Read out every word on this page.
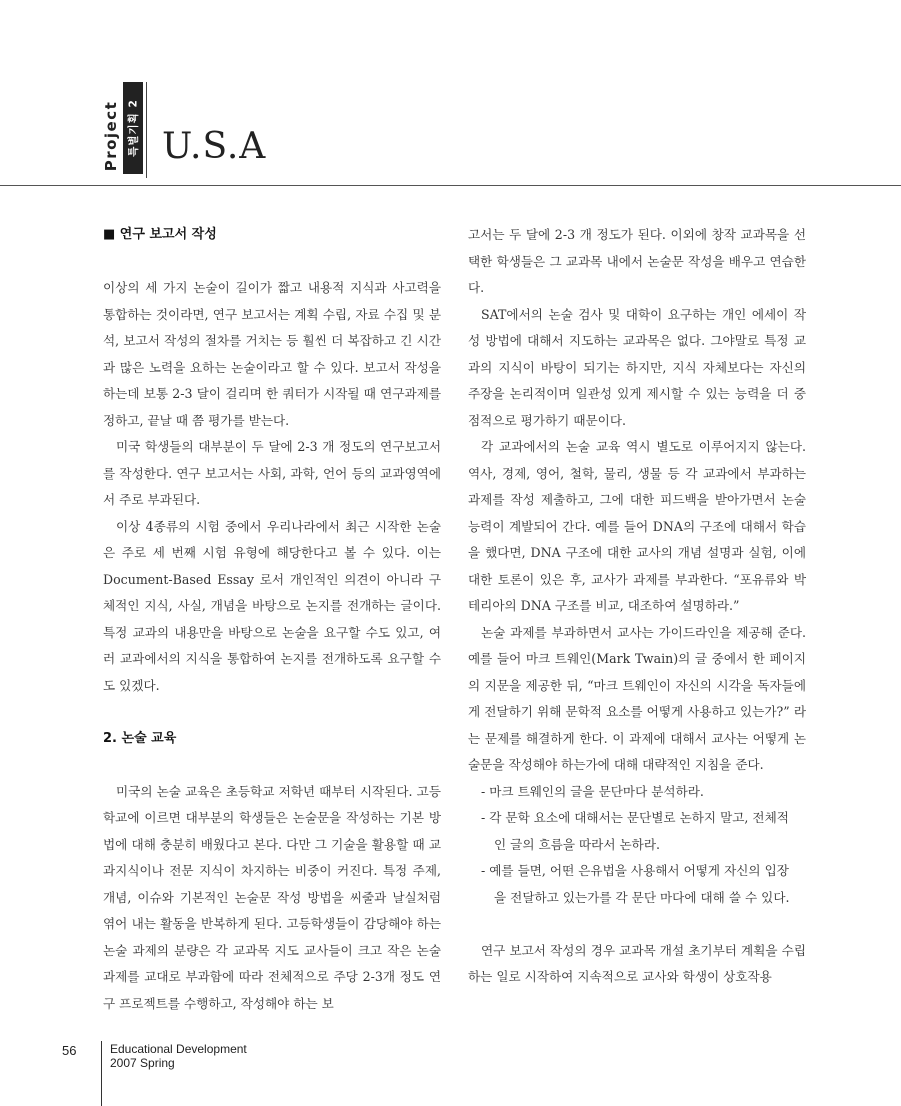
Project 특별기획 2 U.S.A

■ 연구 보고서 작성

이상의 세 가지 논술이 길이가 짧고 내용적 지식과 사고력을 통합하는 것이라면, 연구 보고서는 계획 수립, 자료 수집 및 분석, 보고서 작성의 절차를 거치는 등 훨씬 더 복잡하고 긴 시간과 많은 노력을 요하는 논술이라고 할 수 있다. 보고서 작성을 하는데 보통 2-3 달이 걸리며 한 쿼터가 시작될 때 연구과제를 정하고, 끝날 때 쯤 평가를 받는다.

미국 학생들의 대부분이 두 달에 2-3 개 정도의 연구보고서를 작성한다. 연구 보고서는 사회, 과학, 언어 등의 교과영역에서 주로 부과된다.

이상 4종류의 시험 중에서 우리나라에서 최근 시작한 논술은 주로 세 번째 시험 유형에 해당한다고 볼 수 있다. 이는 Document-Based Essay 로서 개인적인 의견이 아니라 구체적인 지식, 사실, 개념을 바탕으로 논지를 전개하는 글이다. 특정 교과의 내용만을 바탕으로 논술을 요구할 수도 있고, 여러 교과에서의 지식을 통합하여 논지를 전개하도록 요구할 수도 있겠다.

2. 논술 교육

미국의 논술 교육은 초등학교 저학년 때부터 시작된다. 고등학교에 이르면 대부분의 학생들은 논술문을 작성하는 기본 방법에 대해 충분히 배웠다고 본다. 다만 그 기술을 활용할 때 교과지식이나 전문 지식이 차지하는 비중이 커진다. 특정 주제, 개념, 이슈와 기본적인 논술문 작성 방법을 씨줄과 날실처럼 엮어 내는 활동을 반복하게 된다. 고등학생들이 감당해야 하는 논술 과제의 분량은 각 교과목 지도 교사들이 크고 작은 논술 과제를 교대로 부과함에 따라 전체적으로 주당 2-3개 정도 연구 프로젝트를 수행하고, 작성해야 하는 보

고서는 두 달에 2-3 개 정도가 된다. 이외에 창작 교과목을 선택한 학생들은 그 교과목 내에서 논술문 작성을 배우고 연습한다.

SAT에서의 논술 검사 및 대학이 요구하는 개인 에세이 작성 방법에 대해서 지도하는 교과목은 없다. 그야말로 특정 교과의 지식이 바탕이 되기는 하지만, 지식 자체보다는 자신의 주장을 논리적이며 일관성 있게 제시할 수 있는 능력을 더 중점적으로 평가하기 때문이다.

각 교과에서의 논술 교육 역시 별도로 이루어지지 않는다. 역사, 경제, 영어, 철학, 물리, 생물 등 각 교과에서 부과하는 과제를 작성 제출하고, 그에 대한 피드백을 받아가면서 논술 능력이 계발되어 간다. 예를 들어 DNA의 구조에 대해서 학습을 했다면, DNA 구조에 대한 교사의 개념 설명과 실험, 이에 대한 토론이 있은 후, 교사가 과제를 부과한다. “포유류와 박테리아의 DNA 구조를 비교, 대조하여 설명하라.”

논술 과제를 부과하면서 교사는 가이드라인을 제공해 준다. 예를 들어 마크 트웨인(Mark Twain)의 글 중에서 한 페이지의 지문을 제공한 뒤, “마크 트웨인이 자신의 시각을 독자들에게 전달하기 위해 문학적 요소를 어떻게 사용하고 있는가?” 라는 문제를 해결하게 한다. 이 과제에 대해서 교사는 어떻게 논술문을 작성해야 하는가에 대해 대략적인 지침을 준다.

- 마크 트웨인의 글을 문단마다 분석하라.

- 각 문학 요소에 대해서는 문단별로 논하지 말고, 전체적

인 글의 흐름을 따라서 논하라.

- 예를 들면, 어떤 은유법을 사용해서 어떻게 자신의 입장

을 전달하고 있는가를 각 문단 마다에 대해 쓸 수 있다.

연구 보고서 작성의 경우 교과목 개설 초기부터 계획을 수립하는 일로 시작하여 지속적으로 교사와 학생이 상호작용

56	Educational Development
2007 Spring
